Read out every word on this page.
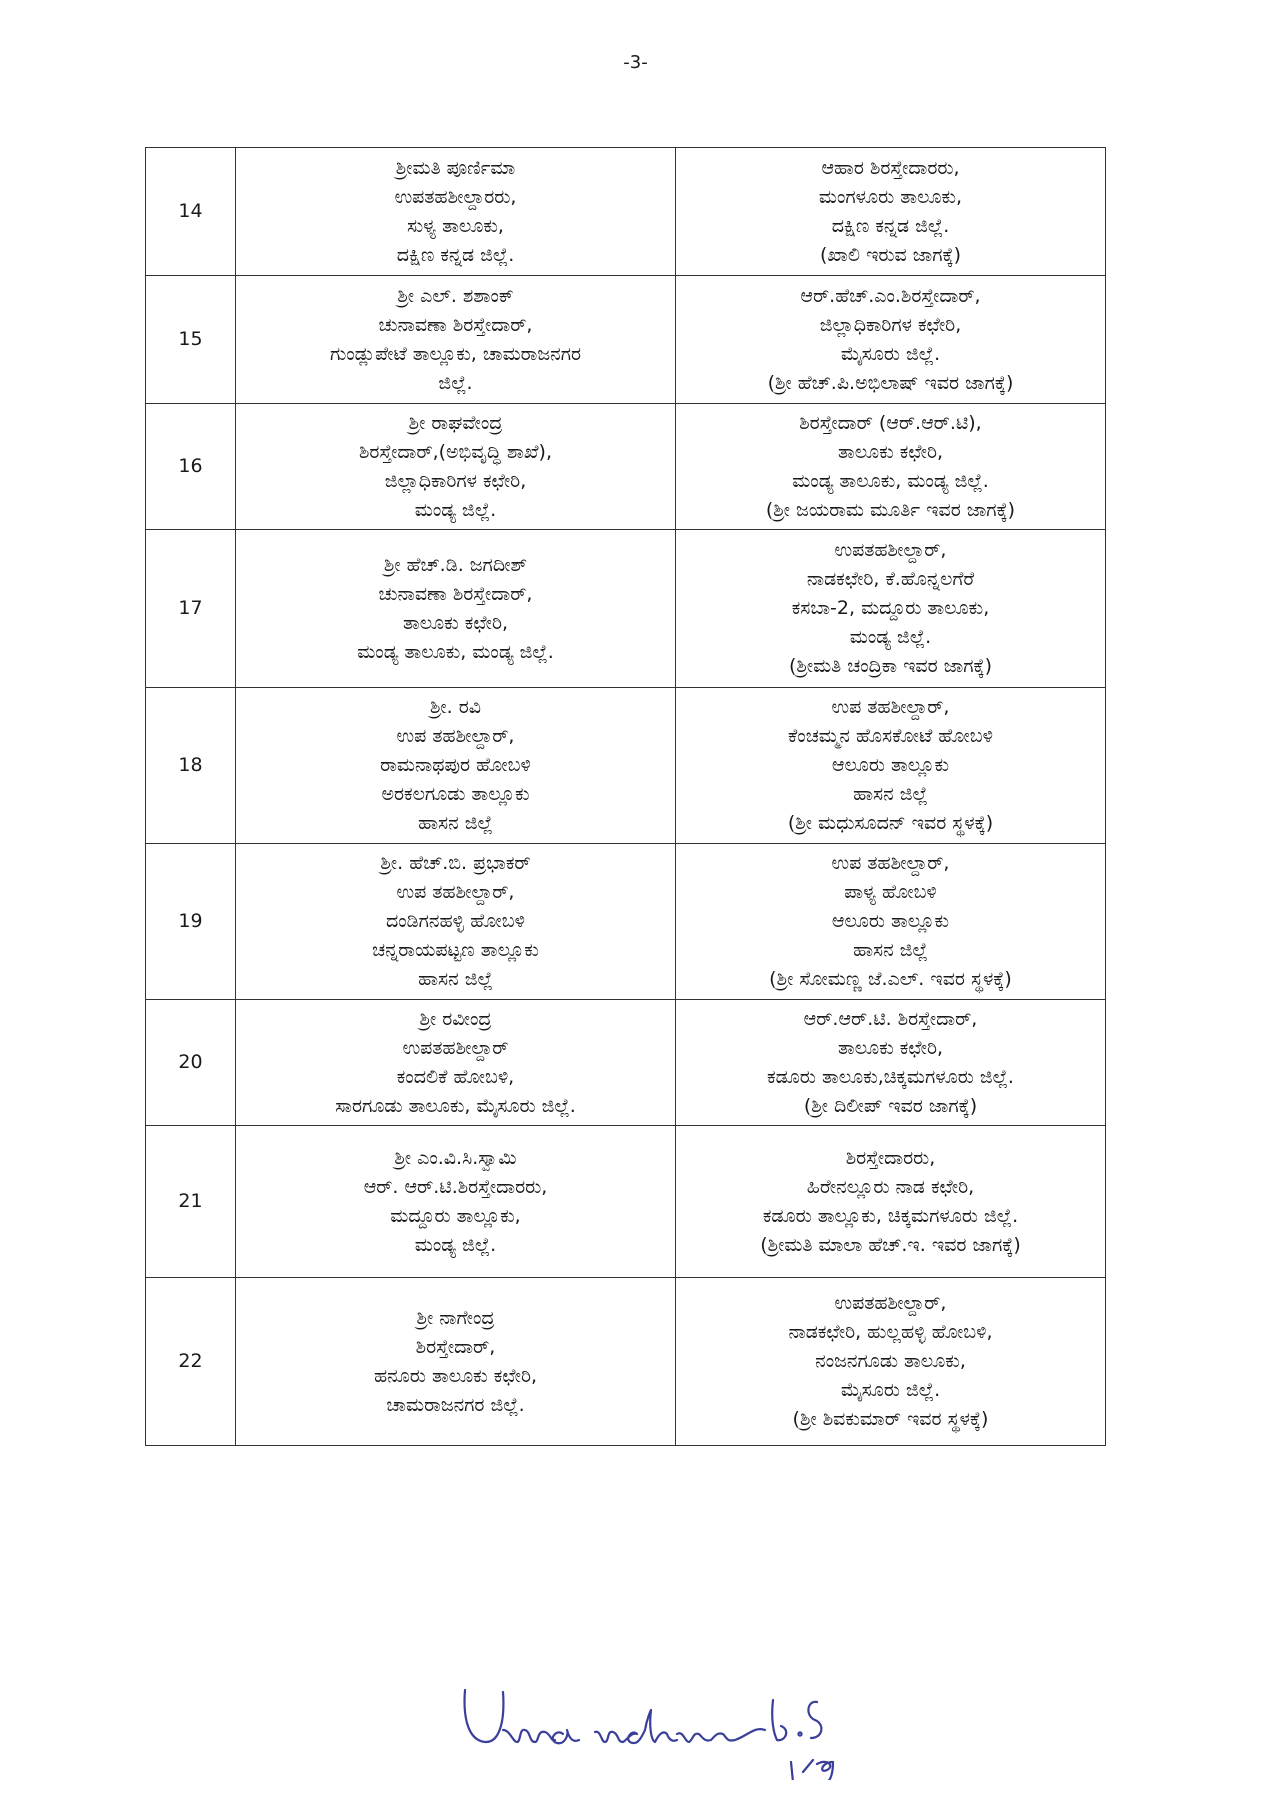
-3-
14	ಶ್ರೀಮತಿ ಪೂರ್ಣಿಮಾ
ಉಪತಹಶೀಲ್ದಾರರು,
ಸುಳ್ಯ ತಾಲೂಕು,
ದಕ್ಷಿಣ ಕನ್ನಡ ಜಿಲ್ಲೆ.	ಆಹಾರ ಶಿರಸ್ತೇದಾರರು,
ಮಂಗಳೂರು ತಾಲೂಕು,
ದಕ್ಷಿಣ ಕನ್ನಡ ಜಿಲ್ಲೆ.
(ಖಾಲಿ ಇರುವ ಜಾಗಕ್ಕೆ)

15	ಶ್ರೀ ಎಲ್. ಶಶಾಂಕ್
ಚುನಾವಣಾ ಶಿರಸ್ತೇದಾರ್,
ಗುಂಡ್ಲುಪೇಟೆ ತಾಲ್ಲೂಕು, ಚಾಮರಾಜನಗರ
ಜಿಲ್ಲೆ.	ಆರ್.ಹೆಚ್.ಎಂ.ಶಿರಸ್ತೇದಾರ್,
ಜಿಲ್ಲಾಧಿಕಾರಿಗಳ ಕಛೇರಿ,
ಮೈಸೂರು ಜಿಲ್ಲೆ.
(ಶ್ರೀ ಹೆಚ್.ಪಿ.ಅಭಿಲಾಷ್ ಇವರ ಜಾಗಕ್ಕೆ)

16	ಶ್ರೀ ರಾಘವೇಂದ್ರ
ಶಿರಸ್ತೇದಾರ್,(ಅಭಿವೃದ್ಧಿ ಶಾಖೆ),
ಜಿಲ್ಲಾಧಿಕಾರಿಗಳ ಕಛೇರಿ,
ಮಂಡ್ಯ ಜಿಲ್ಲೆ.	ಶಿರಸ್ತೇದಾರ್ (ಆರ್.ಆರ್.ಟಿ),
ತಾಲೂಕು ಕಛೇರಿ,
ಮಂಡ್ಯ ತಾಲೂಕು, ಮಂಡ್ಯ ಜಿಲ್ಲೆ.
(ಶ್ರೀ ಜಯರಾಮ ಮೂರ್ತಿ ಇವರ ಜಾಗಕ್ಕೆ)

17	ಶ್ರೀ ಹೆಚ್.ಡಿ. ಜಗದೀಶ್
ಚುನಾವಣಾ ಶಿರಸ್ತೇದಾರ್,
ತಾಲೂಕು ಕಛೇರಿ,
ಮಂಡ್ಯ ತಾಲೂಕು, ಮಂಡ್ಯ ಜಿಲ್ಲೆ.	ಉಪತಹಶೀಲ್ದಾರ್,
ನಾಡಕಛೇರಿ, ಕೆ.ಹೊನ್ನಲಗೆರೆ
ಕಸಬಾ-2, ಮದ್ದೂರು ತಾಲೂಕು,
ಮಂಡ್ಯ ಜಿಲ್ಲೆ.
(ಶ್ರೀಮತಿ ಚಂದ್ರಿಕಾ ಇವರ ಜಾಗಕ್ಕೆ)

18	ಶ್ರೀ. ರವಿ
ಉಪ ತಹಶೀಲ್ದಾರ್,
ರಾಮನಾಥಪುರ ಹೋಬಳಿ
ಅರಕಲಗೂಡು ತಾಲ್ಲೂಕು
ಹಾಸನ ಜಿಲ್ಲೆ	ಉಪ ತಹಶೀಲ್ದಾರ್,
ಕೆಂಚಮ್ಮನ ಹೊಸಕೋಟೆ ಹೋಬಳಿ
ಆಲೂರು ತಾಲ್ಲೂಕು
ಹಾಸನ ಜಿಲ್ಲೆ
(ಶ್ರೀ ಮಧುಸೂದನ್ ಇವರ ಸ್ಥಳಕ್ಕೆ)

19	ಶ್ರೀ. ಹೆಚ್.ಬಿ. ಪ್ರಭಾಕರ್
ಉಪ ತಹಶೀಲ್ದಾರ್,
ದಂಡಿಗನಹಳ್ಳಿ ಹೋಬಳಿ
ಚನ್ನರಾಯಪಟ್ಟಣ ತಾಲ್ಲೂಕು
ಹಾಸನ ಜಿಲ್ಲೆ	ಉಪ ತಹಶೀಲ್ದಾರ್,
ಪಾಳ್ಯ ಹೋಬಳಿ
ಆಲೂರು ತಾಲ್ಲೂಕು
ಹಾಸನ ಜಿಲ್ಲೆ
(ಶ್ರೀ ಸೋಮಣ್ಣ ಜೆ.ಎಲ್. ಇವರ ಸ್ಥಳಕ್ಕೆ)

20	ಶ್ರೀ ರವೀಂದ್ರ
ಉಪತಹಶೀಲ್ದಾರ್
ಕಂದಲಿಕೆ ಹೋಬಳಿ,
ಸಾರಗೂಡು ತಾಲೂಕು, ಮೈಸೂರು ಜಿಲ್ಲೆ.	ಆರ್.ಆರ್.ಟಿ. ಶಿರಸ್ತೇದಾರ್,
ತಾಲೂಕು ಕಛೇರಿ,
ಕಡೂರು ತಾಲೂಕು,ಚಿಕ್ಕಮಗಳೂರು ಜಿಲ್ಲೆ.
(ಶ್ರೀ ದಿಲೀಪ್ ಇವರ ಜಾಗಕ್ಕೆ)

21	ಶ್ರೀ ಎಂ.ವಿ.ಸಿ.ಸ್ವಾಮಿ
ಆರ್. ಆರ್.ಟಿ.ಶಿರಸ್ತೇದಾರರು,
ಮದ್ದೂರು ತಾಲ್ಲೂಕು,
ಮಂಡ್ಯ ಜಿಲ್ಲೆ.	ಶಿರಸ್ತೇದಾರರು,
ಹಿರೇನಲ್ಲೂರು ನಾಡ ಕಛೇರಿ,
ಕಡೂರು ತಾಲ್ಲೂಕು, ಚಿಕ್ಕಮಗಳೂರು ಜಿಲ್ಲೆ.
(ಶ್ರೀಮತಿ ಮಾಲಾ ಹೆಚ್.ಇ. ಇವರ ಜಾಗಕ್ಕೆ)

22	ಶ್ರೀ ನಾಗೇಂದ್ರ
ಶಿರಸ್ತೇದಾರ್,
ಹನೂರು ತಾಲೂಕು ಕಛೇರಿ,
ಚಾಮರಾಜನಗರ ಜಿಲ್ಲೆ.	ಉಪತಹಶೀಲ್ದಾರ್,
ನಾಡಕಛೇರಿ, ಹುಲ್ಲಹಳ್ಳಿ ಹೋಬಳಿ,
ನಂಜನಗೂಡು ತಾಲೂಕು,
ಮೈಸೂರು ಜಿಲ್ಲೆ.
(ಶ್ರೀ ಶಿವಕುಮಾರ್ ಇವರ ಸ್ಥಳಕ್ಕೆ)
